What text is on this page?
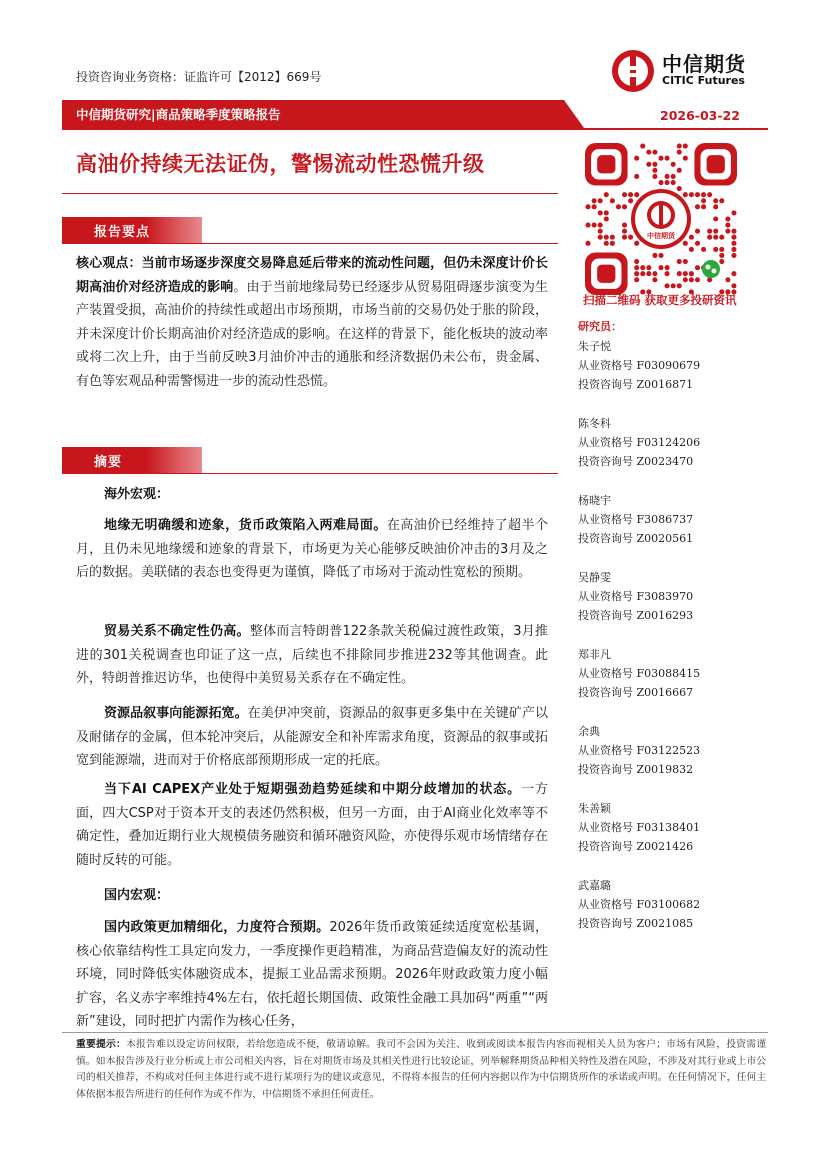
投资咨询业务资格：证监许可【2012】669号
中信期货
CITIC Futures
中信期货研究|商品策略季度策略报告	2026-03-22
高油价持续无法证伪，警惕流动性恐慌升级
中信期货
扫描二维码 获取更多投研资讯
研究员：
朱子悦
从业资格号 F03090679
投资咨询号 Z0016871
陈冬科
从业资格号 F03124206
投资咨询号 Z0023470
杨晓宇
从业资格号 F3086737
投资咨询号 Z0020561
吴静雯
从业资格号 F3083970
投资咨询号 Z0016293
郑非凡
从业资格号 F03088415
投资咨询号 Z0016667
余典
从业资格号 F03122523
投资咨询号 Z0019832
朱善颖
从业资格号 F03138401
投资咨询号 Z0021426
武嘉璐
从业资格号 F03100682
投资咨询号 Z0021085
报告要点
核心观点：当前市场逐步深度交易降息延后带来的流动性问题，但仍未深度计价长期高油价对经济造成的影响。由于当前地缘局势已经逐步从贸易阻碍逐步演变为生产装置受损，高油价的持续性或超出市场预期，市场当前的交易仍处于胀的阶段，并未深度计价长期高油价对经济造成的影响。在这样的背景下，能化板块的波动率或将二次上升，由于当前反映3月油价冲击的通胀和经济数据仍未公布，贵金属、有色等宏观品种需警惕进一步的流动性恐慌。
摘要
海外宏观：
地缘无明确缓和迹象，货币政策陷入两难局面。在高油价已经维持了超半个月，且仍未见地缘缓和迹象的背景下，市场更为关心能够反映油价冲击的3月及之后的数据。美联储的表态也变得更为谨慎，降低了市场对于流动性宽松的预期。
贸易关系不确定性仍高。整体而言特朗普122条款关税偏过渡性政策，3月推进的301关税调查也印证了这一点，后续也不排除同步推进232等其他调查。此外，特朗普推迟访华，也使得中美贸易关系存在不确定性。
资源品叙事向能源拓宽。在美伊冲突前，资源品的叙事更多集中在关键矿产以及耐储存的金属，但本轮冲突后，从能源安全和补库需求角度，资源品的叙事或拓宽到能源端，进而对于价格底部预期形成一定的托底。
当下AI CAPEX产业处于短期强劲趋势延续和中期分歧增加的状态。一方面，四大CSP对于资本开支的表述仍然积极，但另一方面，由于AI商业化效率等不确定性，叠加近期行业大规模债务融资和循环融资风险，亦使得乐观市场情绪存在随时反转的可能。
国内宏观：
国内政策更加精细化，力度符合预期。2026年货币政策延续适度宽松基调，核心依靠结构性工具定向发力，一季度操作更趋精准，为商品营造偏友好的流动性环境，同时降低实体融资成本，提振工业品需求预期。2026年财政政策力度小幅扩容，名义赤字率维持4%左右，依托超长期国债、政策性金融工具加码“两重”“两新”建设，同时把扩内需作为核心任务，
重要提示：本报告难以设定访问权限，若给您造成不便，敬请谅解。我司不会因为关注、收到或阅读本报告内容而视相关人员为客户；市场有风险，投资需谨慎。如本报告涉及行业分析或上市公司相关内容，旨在对期货市场及其相关性进行比较论证，列举解释期货品种相关特性及潜在风险，不涉及对其行业或上市公司的相关推荐，不构成对任何主体进行或不进行某项行为的建议或意见，不得将本报告的任何内容据以作为中信期货所作的承诺或声明。在任何情况下，任何主体依据本报告所进行的任何作为或不作为，中信期货不承担任何责任。
